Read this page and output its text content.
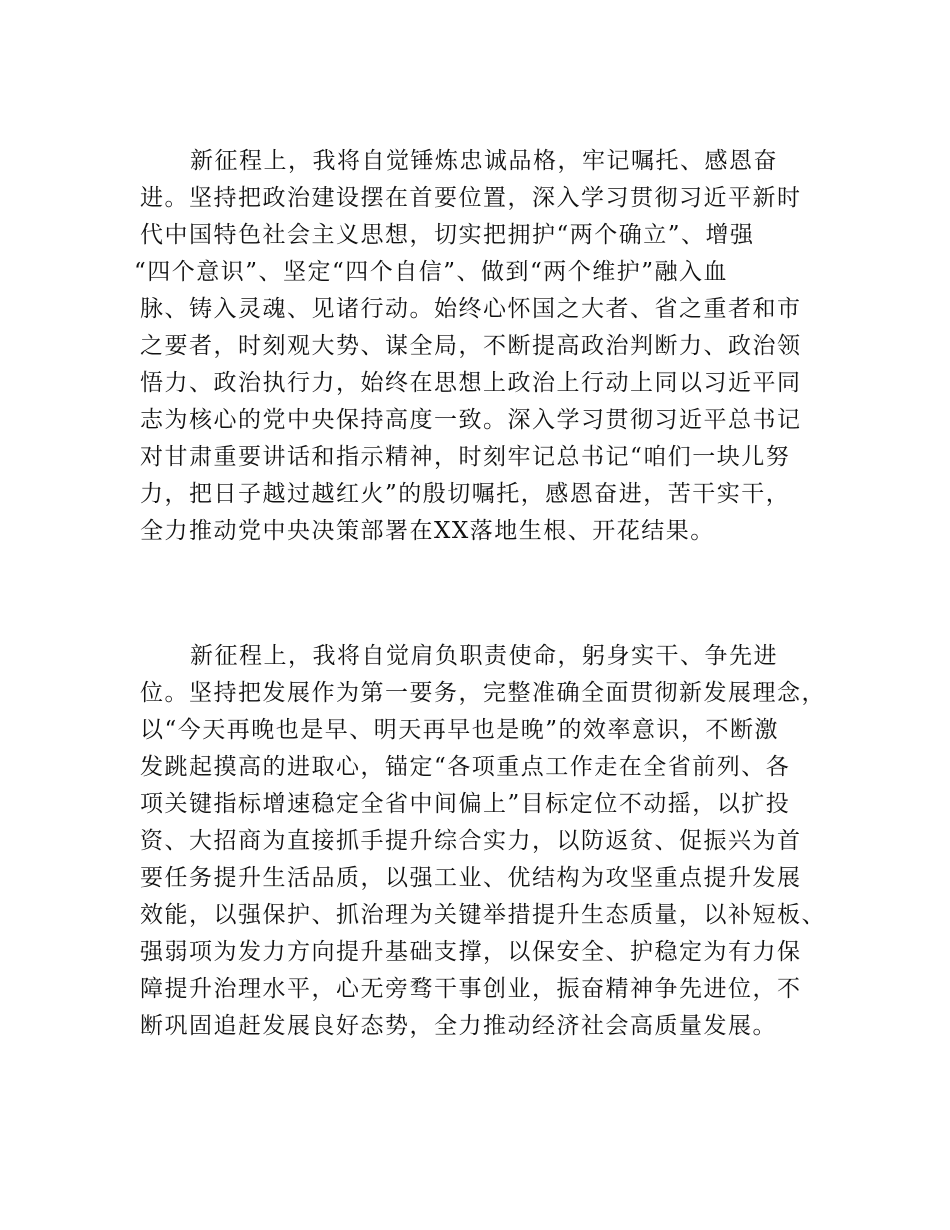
新征程上，我将自觉锤炼忠诚品格，牢记嘱托、感恩奋
进。坚持把政治建设摆在首要位置，深入学习贯彻习近平新时
代中国特色社会主义思想，切实把拥护“两个确立”、增强
“四个意识”、坚定“四个自信”、做到“两个维护”融入血
脉、铸入灵魂、见诸行动。始终心怀国之大者、省之重者和市
之要者，时刻观大势、谋全局，不断提高政治判断力、政治领
悟力、政治执行力，始终在思想上政治上行动上同以习近平同
志为核心的党中央保持高度一致。深入学习贯彻习近平总书记
对甘肃重要讲话和指示精神，时刻牢记总书记“咱们一块儿努
力，把日子越过越红火”的殷切嘱托，感恩奋进，苦干实干，
全力推动党中央决策部署在XX落地生根、开花结果。
新征程上，我将自觉肩负职责使命，躬身实干、争先进
位。坚持把发展作为第一要务，完整准确全面贯彻新发展理念，
以“今天再晚也是早、明天再早也是晚”的效率意识，不断激
发跳起摸高的进取心，锚定“各项重点工作走在全省前列、各
项关键指标增速稳定全省中间偏上”目标定位不动摇，以扩投
资、大招商为直接抓手提升综合实力，以防返贫、促振兴为首
要任务提升生活品质，以强工业、优结构为攻坚重点提升发展
效能，以强保护、抓治理为关键举措提升生态质量，以补短板、
强弱项为发力方向提升基础支撑，以保安全、护稳定为有力保
障提升治理水平，心无旁骛干事创业，振奋精神争先进位，不
断巩固追赶发展良好态势，全力推动经济社会高质量发展。
